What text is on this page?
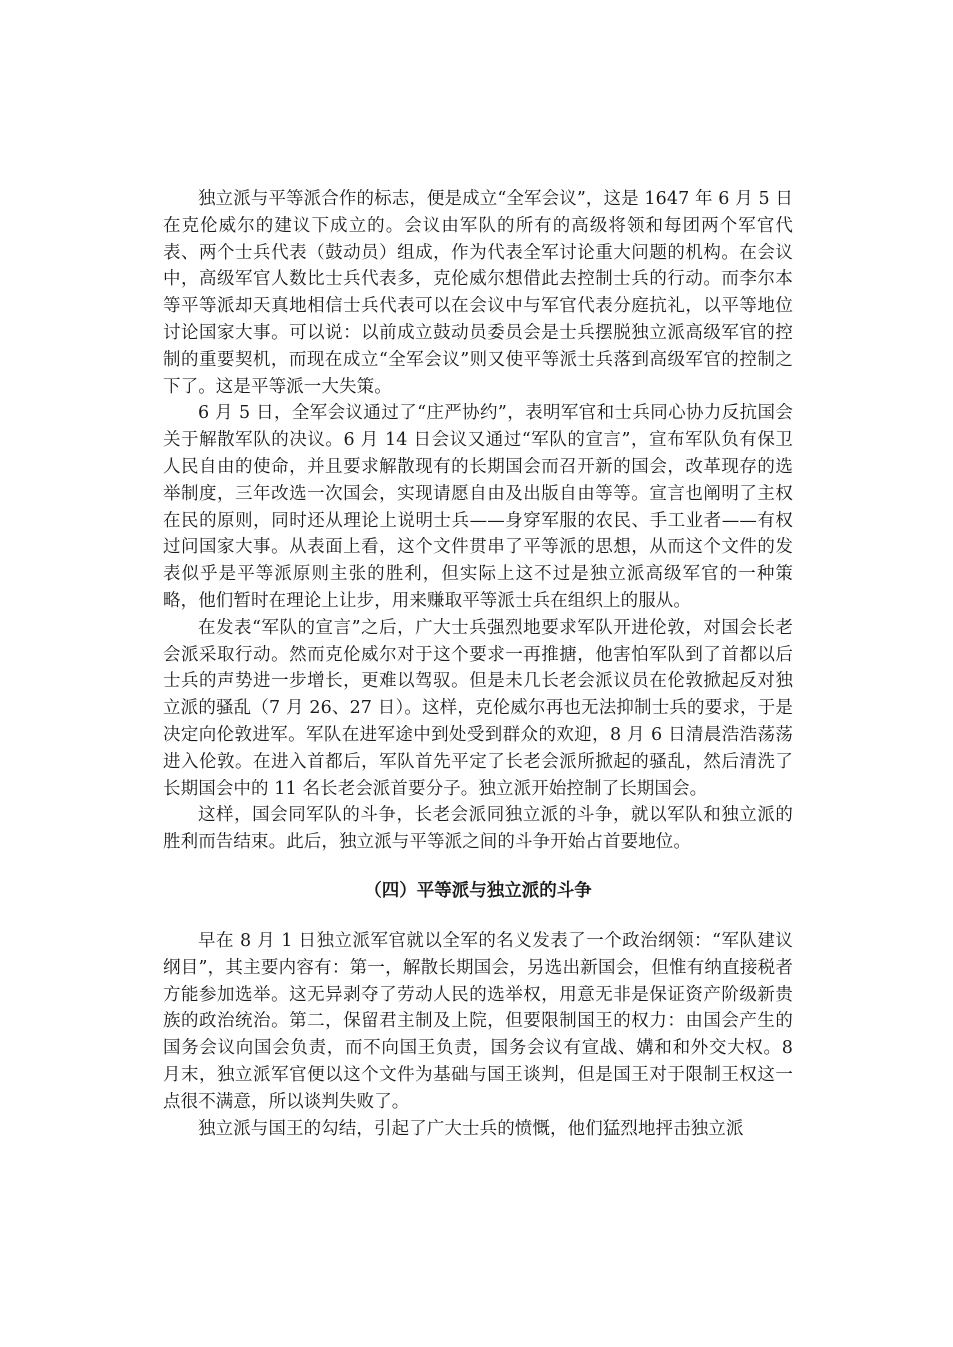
独立派与平等派合作的标志，便是成立“全军会议”，这是 1647 年 6 月 5 日在克伦威尔的建议下成立的。会议由军队的所有的高级将领和每团两个军官代表、两个士兵代表（鼓动员）组成，作为代表全军讨论重大问题的机构。在会议中，高级军官人数比士兵代表多，克伦威尔想借此去控制士兵的行动。而李尔本等平等派却天真地相信士兵代表可以在会议中与军官代表分庭抗礼，以平等地位讨论国家大事。可以说：以前成立鼓动员委员会是士兵摆脱独立派高级军官的控制的重要契机，而现在成立“全军会议”则又使平等派士兵落到高级军官的控制之下了。这是平等派一大失策。

6 月 5 日，全军会议通过了“庄严协约”，表明军官和士兵同心协力反抗国会关于解散军队的决议。6 月 14 日会议又通过“军队的宣言”，宣布军队负有保卫人民自由的使命，并且要求解散现有的长期国会而召开新的国会，改革现存的选举制度，三年改选一次国会，实现请愿自由及出版自由等等。宣言也阐明了主权在民的原则，同时还从理论上说明士兵——身穿军服的农民、手工业者——有权过问国家大事。从表面上看，这个文件贯串了平等派的思想，从而这个文件的发表似乎是平等派原则主张的胜利，但实际上这不过是独立派高级军官的一种策略，他们暂时在理论上让步，用来赚取平等派士兵在组织上的服从。

在发表“军队的宣言”之后，广大士兵强烈地要求军队开进伦敦，对国会长老会派采取行动。然而克伦威尔对于这个要求一再推搪，他害怕军队到了首都以后士兵的声势进一步增长，更难以驾驭。但是未几长老会派议员在伦敦掀起反对独立派的骚乱（7 月 26、27 日）。这样，克伦威尔再也无法抑制士兵的要求，于是决定向伦敦进军。军队在进军途中到处受到群众的欢迎，8 月 6 日清晨浩浩荡荡进入伦敦。在进入首都后，军队首先平定了长老会派所掀起的骚乱，然后清洗了长期国会中的 11 名长老会派首要分子。独立派开始控制了长期国会。

这样，国会同军队的斗争，长老会派同独立派的斗争，就以军队和独立派的胜利而告结束。此后，独立派与平等派之间的斗争开始占首要地位。

（四）平等派与独立派的斗争

早在 8 月 1 日独立派军官就以全军的名义发表了一个政治纲领：“军队建议纲目”，其主要内容有：第一，解散长期国会，另选出新国会，但惟有纳直接税者方能参加选举。这无异剥夺了劳动人民的选举权，用意无非是保证资产阶级新贵族的政治统治。第二，保留君主制及上院，但要限制国王的权力：由国会产生的国务会议向国会负责，而不向国王负责，国务会议有宣战、媾和和外交大权。8 月末，独立派军官便以这个文件为基础与国王谈判，但是国王对于限制王权这一点很不满意，所以谈判失败了。

独立派与国王的勾结，引起了广大士兵的愤慨，他们猛烈地抨击独立派
